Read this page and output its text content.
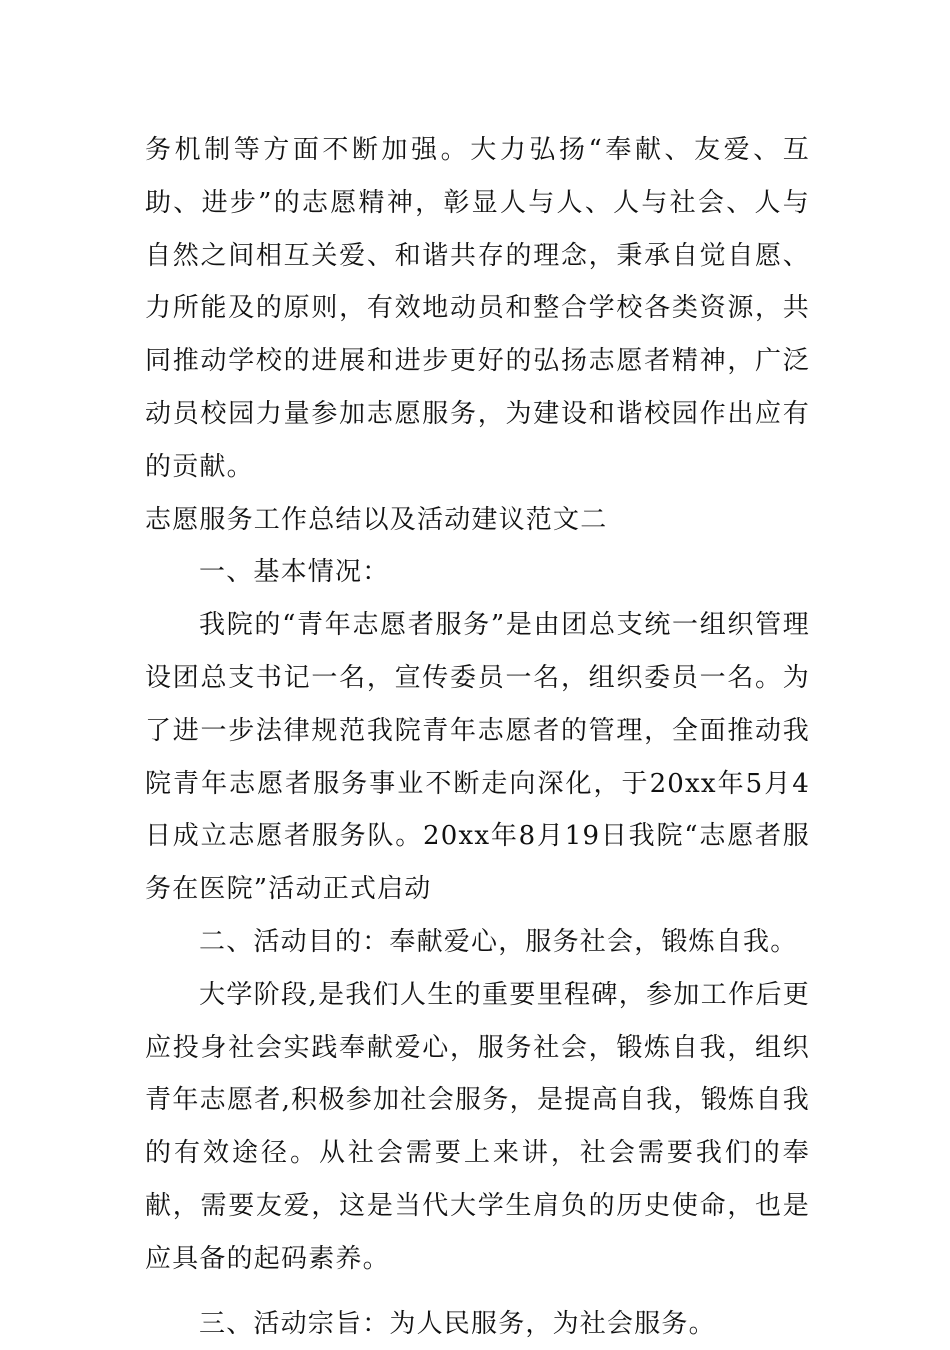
务机制等方面不断加强。大力弘扬“奉献、友爱、互助、进步”的志愿精神，彰显人与人、人与社会、人与自然之间相互关爱、和谐共存的理念，秉承自觉自愿、力所能及的原则，有效地动员和整合学校各类资源，共同推动学校的进展和进步更好的弘扬志愿者精神，广泛动员校园力量参加志愿服务，为建设和谐校园作出应有的贡献。

志愿服务工作总结以及活动建议范文二

一、基本情况：

我院的“青年志愿者服务”是由团总支统一组织管理设团总支书记一名，宣传委员一名，组织委员一名。为了进一步法律规范我院青年志愿者的管理，全面推动我院青年志愿者服务事业不断走向深化，于20xx年5月4日成立志愿者服务队。20xx年8月19日我院“志愿者服务在医院”活动正式启动

二、活动目的：奉献爱心，服务社会，锻炼自我。

大学阶段,是我们人生的重要里程碑，参加工作后更应投身社会实践奉献爱心，服务社会，锻炼自我，组织青年志愿者,积极参加社会服务，是提高自我，锻炼自我的有效途径。从社会需要上来讲，社会需要我们的奉献，需要友爱，这是当代大学生肩负的历史使命，也是应具备的起码素养。

三、活动宗旨：为人民服务，为社会服务。
